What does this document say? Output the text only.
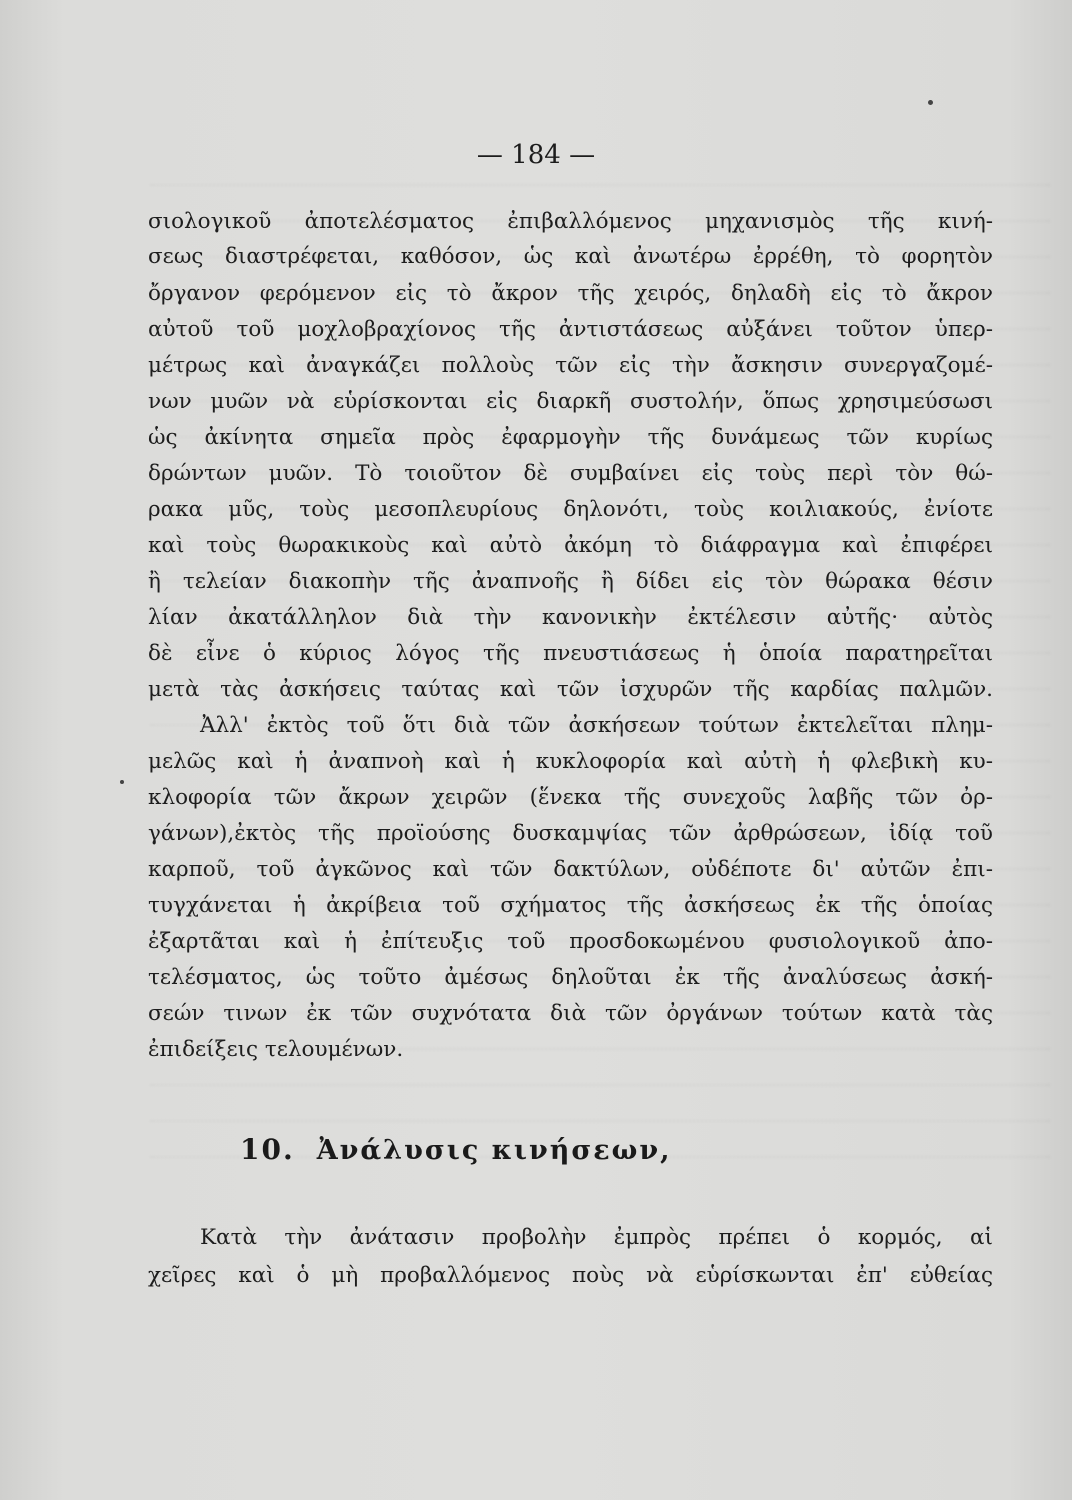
— 184 —
σιολογικοῦ ἀποτελέσματος ἐπιβαλλόμενος μηχανισμὸς τῆς κινή-
σεως διαστρέφεται, καθόσον, ὡς καὶ ἀνωτέρω ἐρρέθη, τὸ φορητὸν
ὄργανον φερόμενον εἰς τὸ ἄκρον τῆς χειρός, δηλαδὴ εἰς τὸ ἄκρον
αὐτοῦ τοῦ μοχλοβραχίονος τῆς ἀντιστάσεως αὐξάνει τοῦτον ὑπερ-
μέτρως καὶ ἀναγκάζει πολλοὺς τῶν εἰς τὴν ἄσκησιν συνεργαζομέ-
νων μυῶν νὰ εὑρίσκονται εἰς διαρκῆ συστολήν, ὅπως χρησιμεύσωσι
ὡς ἀκίνητα σημεῖα πρὸς ἐφαρμογὴν τῆς δυνάμεως τῶν κυρίως
δρώντων μυῶν. Τὸ τοιοῦτον δὲ συμβαίνει εἰς τοὺς περὶ τὸν θώ-
ρακα μῦς, τοὺς μεσοπλευρίους δηλονότι, τοὺς κοιλιακούς, ἐνίοτε
καὶ τοὺς θωρακικοὺς καὶ αὐτὸ ἀκόμη τὸ διάφραγμα καὶ ἐπιφέρει
ἢ τελείαν διακοπὴν τῆς ἀναπνοῆς ἢ δίδει εἰς τὸν θώρακα θέσιν
λίαν ἀκατάλληλον διὰ τὴν κανονικὴν ἐκτέλεσιν αὐτῆς· αὐτὸς
δὲ εἶνε ὁ κύριος λόγος τῆς πνευστιάσεως ἡ ὁποία παρατηρεῖται
μετὰ τὰς ἀσκήσεις ταύτας καὶ τῶν ἰσχυρῶν τῆς καρδίας παλμῶν.
Ἀλλ' ἐκτὸς τοῦ ὅτι διὰ τῶν ἀσκήσεων τούτων ἐκτελεῖται πλημ-
μελῶς καὶ ἡ ἀναπνοὴ καὶ ἡ κυκλοφορία καὶ αὐτὴ ἡ φλεβικὴ κυ-
κλοφορία τῶν ἄκρων χειρῶν (ἕνεκα τῆς συνεχοῦς λαβῆς τῶν ὀρ-
γάνων),ἐκτὸς τῆς προϊούσης δυσκαμψίας τῶν ἀρθρώσεων, ἰδίᾳ τοῦ
καρποῦ, τοῦ ἀγκῶνος καὶ τῶν δακτύλων, οὐδέποτε δι' αὐτῶν ἐπι-
τυγχάνεται ἡ ἀκρίβεια τοῦ σχήματος τῆς ἀσκήσεως ἐκ τῆς ὁποίας
ἐξαρτᾶται καὶ ἡ ἐπίτευξις τοῦ προσδοκωμένου φυσιολογικοῦ ἀπο-
τελέσματος, ὡς τοῦτο ἀμέσως δηλοῦται ἐκ τῆς ἀναλύσεως ἀσκή-
σεών τινων ἐκ τῶν συχνότατα διὰ τῶν ὀργάνων τούτων κατὰ τὰς
ἐπιδείξεις τελουμένων.
10. Ἀνάλυσις κινήσεων,
Κατὰ τὴν ἀνάτασιν προβολὴν ἐμπρὸς πρέπει ὁ κορμός, αἱ
χεῖρες καὶ ὁ μὴ προβαλλόμενος ποὺς νὰ εὑρίσκωνται ἐπ' εὐθείας
